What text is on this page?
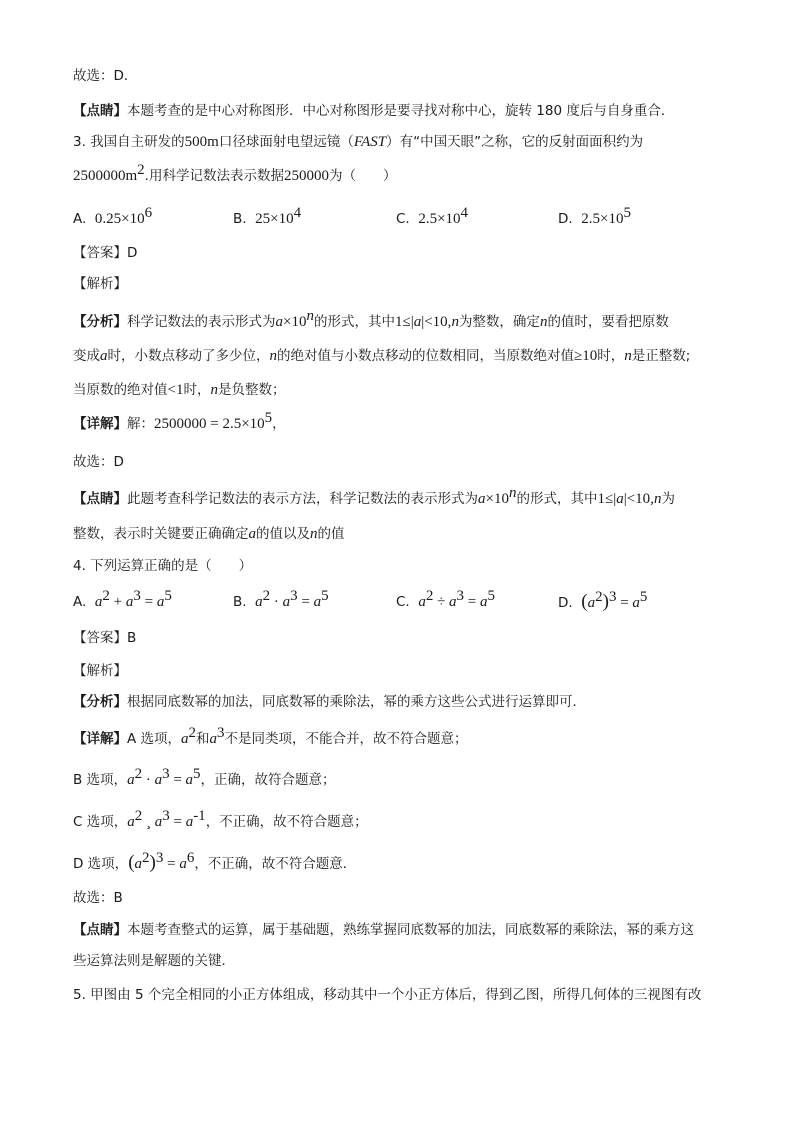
故选：D．
【点睛】本题考查的是中心对称图形．中心对称图形是要寻找对称中心，旋转 180 度后与自身重合．
3. 我国自主研发的500m口径球面射电望远镜（FAST）有“中国天眼”之称，它的反射面面积约为
$2500000m^2$.用科学记数法表示数据250000为（　　）
A. $0.25\times 10^6$	B. $25\times 10^4$	C. $2.5\times 10^4$	D. $2.5\times 10^5$
【答案】D
【解析】
【分析】科学记数法的表示形式为$a\times 10^n$的形式，其中1≤|a|<10,n为整数，确定n的值时，要看把原数
变成a时，小数点移动了多少位，n的绝对值与小数点移动的位数相同，当原数绝对值≥10时，n是正整数;
当原数的绝对值<1时，n是负整数；
【详解】解：$2500000 = 2.5\times 10^5$，
故选：D
【点睛】此题考查科学记数法的表示方法，科学记数法的表示形式为$a\times 10^n$的形式，其中1≤|a|<10,n为
整数，表示时关键要正确确定a的值以及n的值
4. 下列运算正确的是（　　）
A. $a^2 + a^3 = a^5$	B. $a^2 \cdot a^3 = a^5$	C. $a^2 \div a^3 = a^5$	D. $(a^2)^3 = a^5$
【答案】B
【解析】
【分析】根据同底数幂的加法，同底数幂的乘除法，幂的乘方这些公式进行运算即可．
【详解】A 选项，$a^2$和$a^3$不是同类项，不能合并，故不符合题意；
B 选项，$a^2 \cdot a^3 = a^5$，正确，故符合题意；
C 选项，$a^2$ ¸ $a^3 = a^{-1}$，不正确，故不符合题意；
D 选项，$(a^2)^3 = a^6$，不正确，故不符合题意．
故选：B
【点睛】本题考查整式的运算，属于基础题，熟练掌握同底数幂的加法，同底数幂的乘除法，幂的乘方这
些运算法则是解题的关键．
5. 甲图由 5 个完全相同的小正方体组成，移动其中一个小正方体后，得到乙图，所得几何体的三视图有改
